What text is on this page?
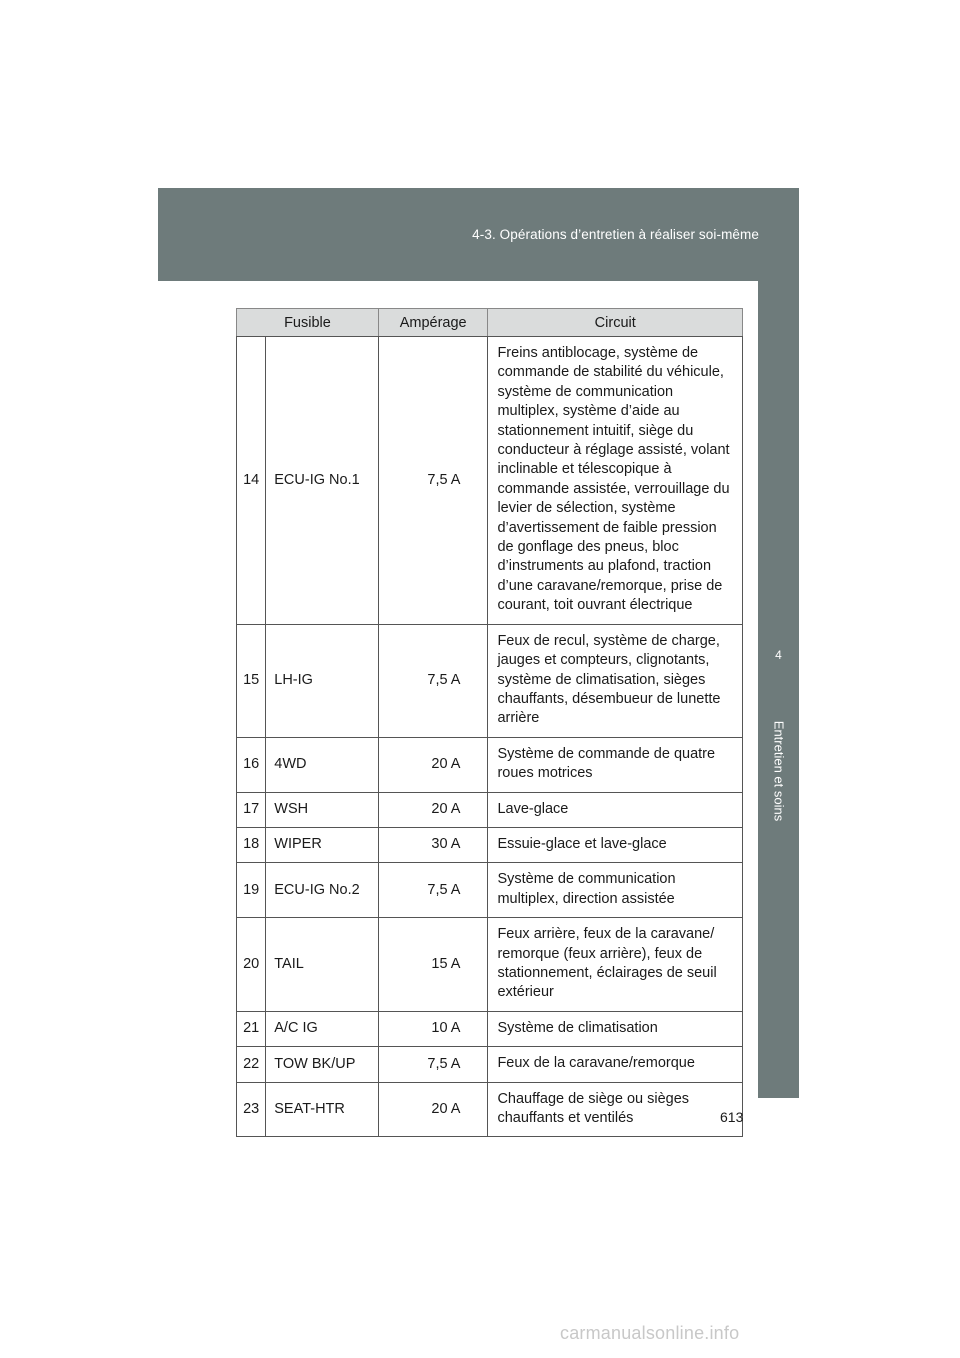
4-3. Opérations d’entretien à réaliser soi-même
4
Entretien et soins
Fusible		Ampérage	Circuit
14	ECU-IG No.1	7,5 A	Freins antiblocage, système de commande de stabilité du véhicule, système de communication multiplex, système d’aide au stationnement intuitif, siège du conducteur à réglage assisté, volant inclinable et télescopique à commande assistée, verrouillage du levier de sélection, système d’avertissement de faible pression de gonflage des pneus, bloc d’instruments au plafond, traction d’une caravane/remorque, prise de courant, toit ouvrant électrique
15	LH-IG	7,5 A	Feux de recul, système de charge, jauges et compteurs, clignotants, système de climatisation, sièges chauffants, désembueur de lunette arrière
16	4WD	20 A	Système de commande de quatre roues motrices
17	WSH	20 A	Lave-glace
18	WIPER	30 A	Essuie-glace et lave-glace
19	ECU-IG No.2	7,5 A	Système de communication multiplex, direction assistée
20	TAIL	15 A	Feux arrière, feux de la caravane/ remorque (feux arrière), feux de stationnement, éclairages de seuil extérieur
21	A/C IG	10 A	Système de climatisation
22	TOW BK/UP	7,5 A	Feux de la caravane/remorque
23	SEAT-HTR	20 A	Chauffage de siège ou sièges chauffants et ventilés	613
carmanualsonline.info
